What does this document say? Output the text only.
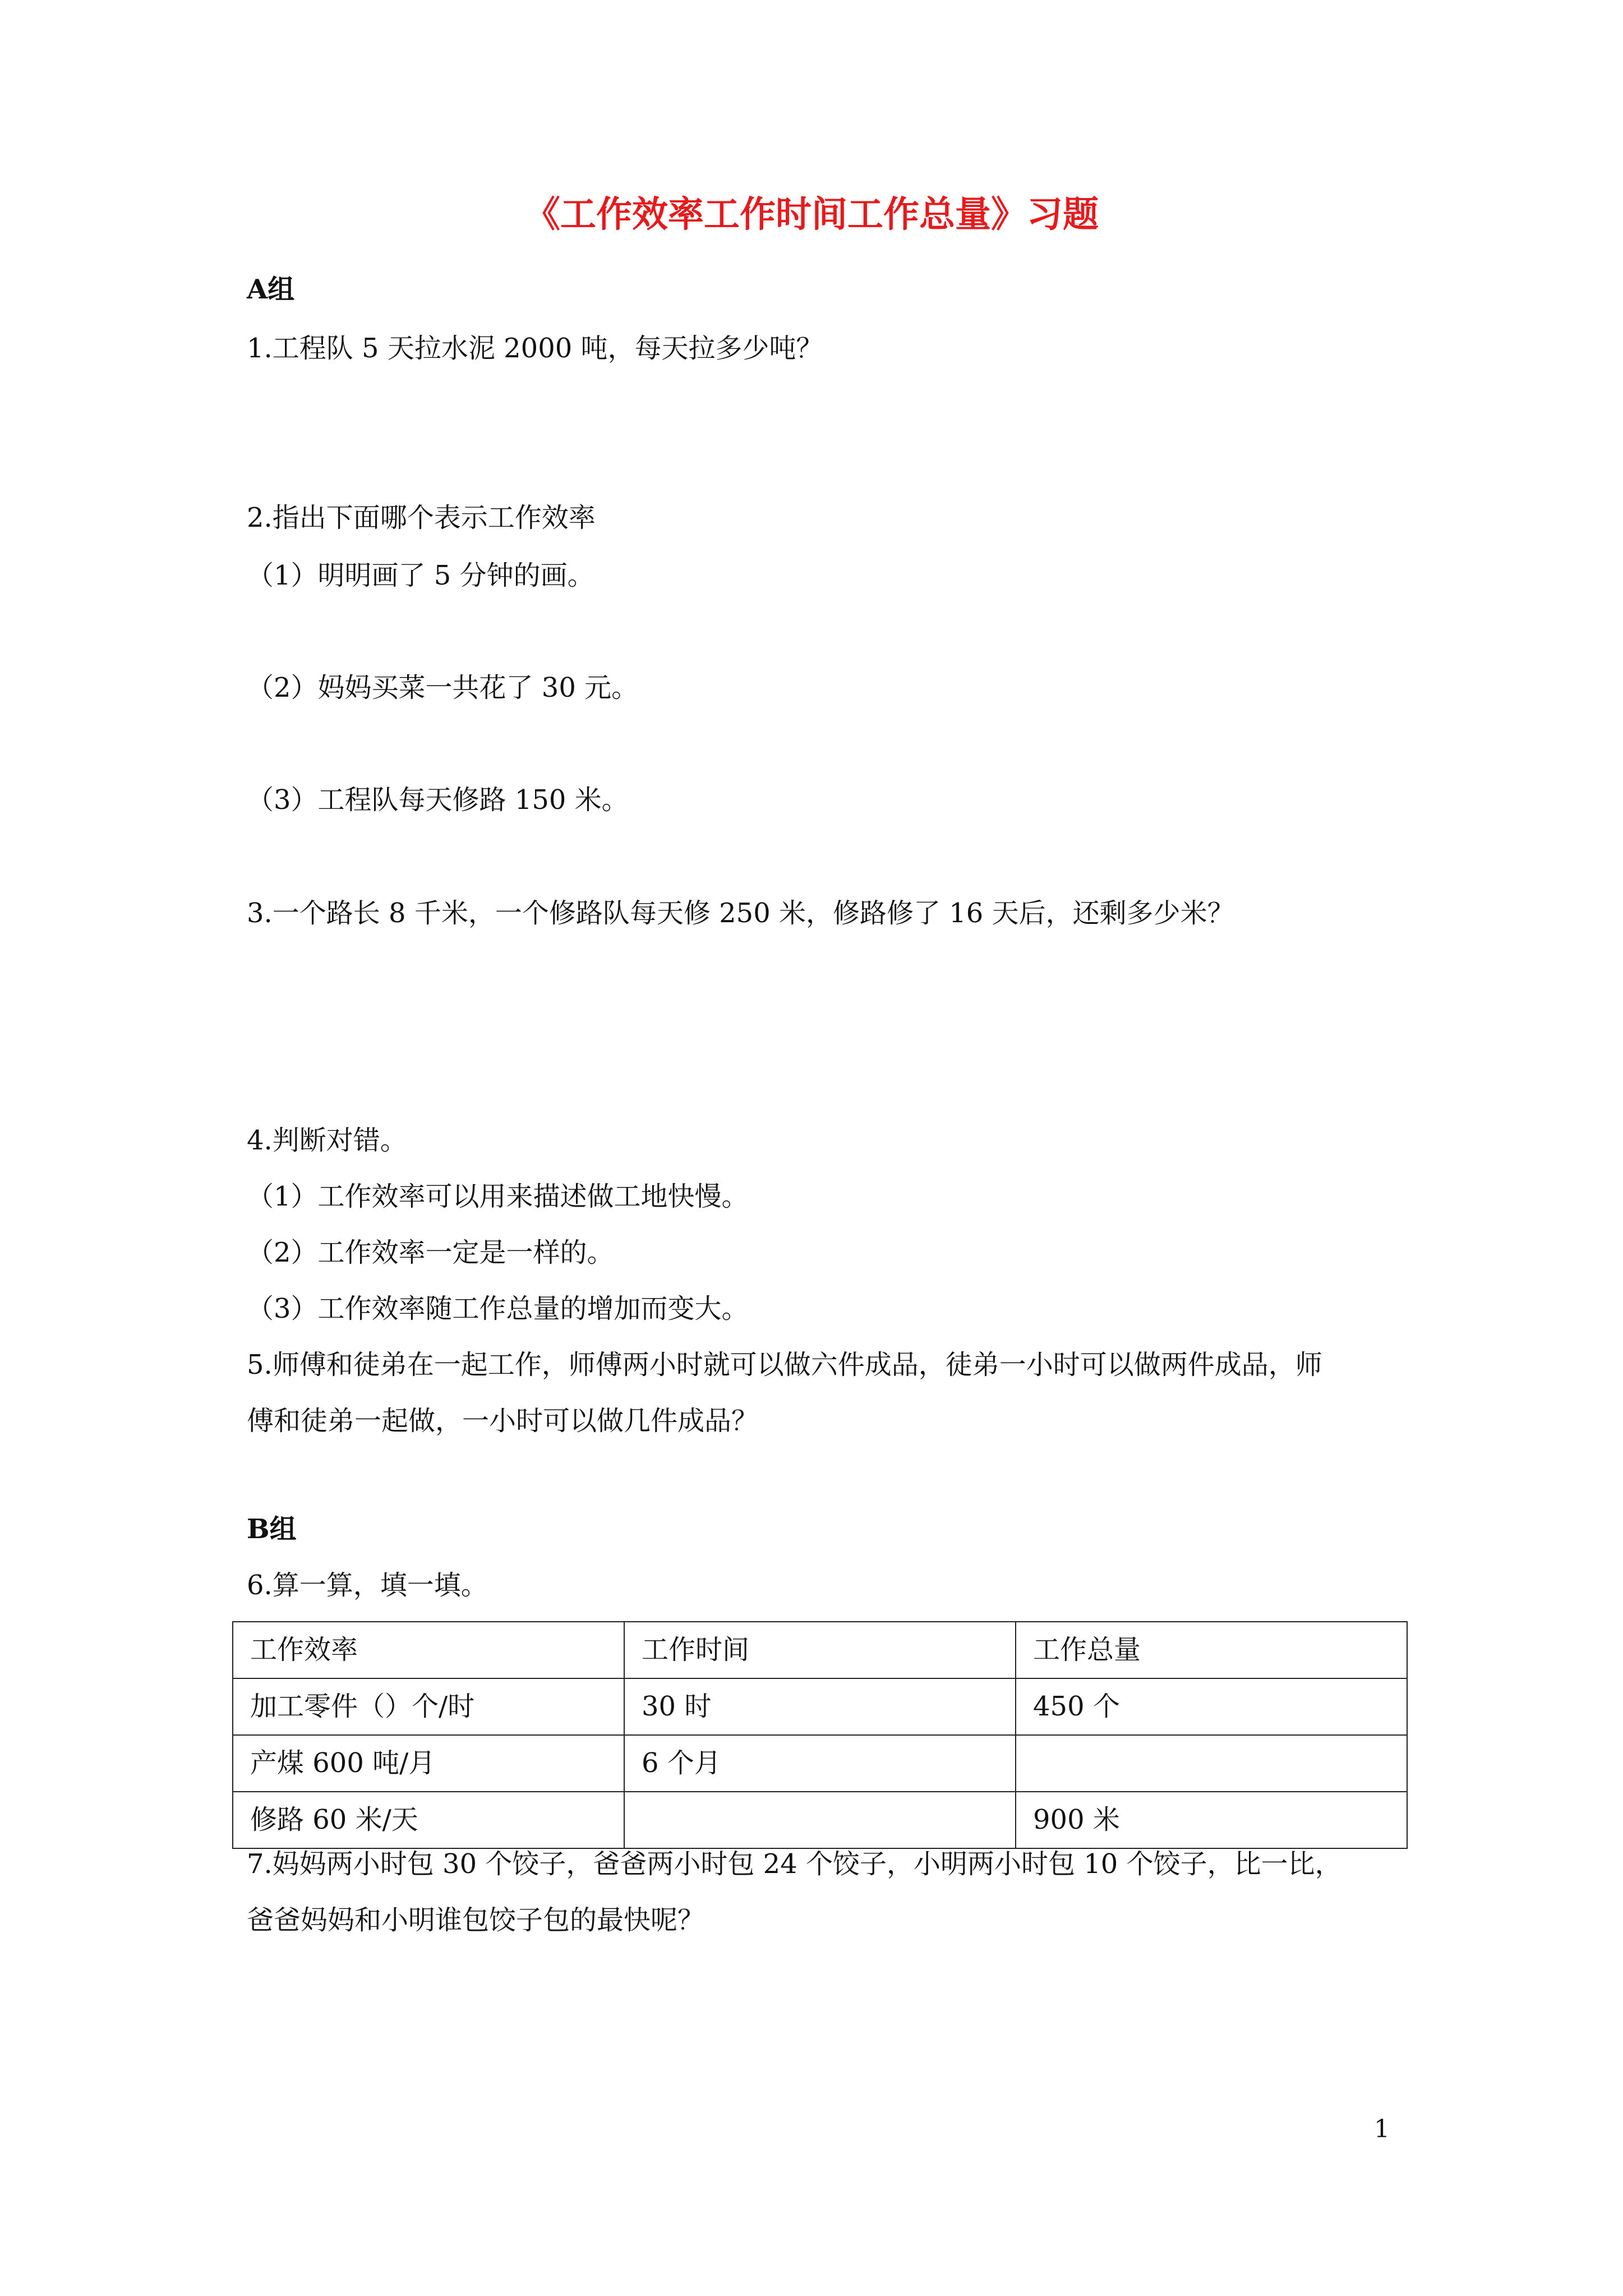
《工作效率工作时间工作总量》习题
A组
1.工程队 5 天拉水泥 2000 吨，每天拉多少吨？
2.指出下面哪个表示工作效率
（1）明明画了 5 分钟的画。
（2）妈妈买菜一共花了 30 元。
（3）工程队每天修路 150 米。
3.一个路长 8 千米，一个修路队每天修 250 米，修路修了 16 天后，还剩多少米？
4.判断对错。
（1）工作效率可以用来描述做工地快慢。
（2）工作效率一定是一样的。
（3）工作效率随工作总量的增加而变大。
5.师傅和徒弟在一起工作，师傅两小时就可以做六件成品，徒弟一小时可以做两件成品，师
傅和徒弟一起做，一小时可以做几件成品？
B组
6.算一算，填一填。
工作效率	工作时间	工作总量
加工零件（）个/时	30 时	450 个
产煤 600 吨/月	6 个月	
修路 60 米/天		900 米
7.妈妈两小时包 30 个饺子，爸爸两小时包 24 个饺子，小明两小时包 10 个饺子，比一比，
爸爸妈妈和小明谁包饺子包的最快呢？
1
